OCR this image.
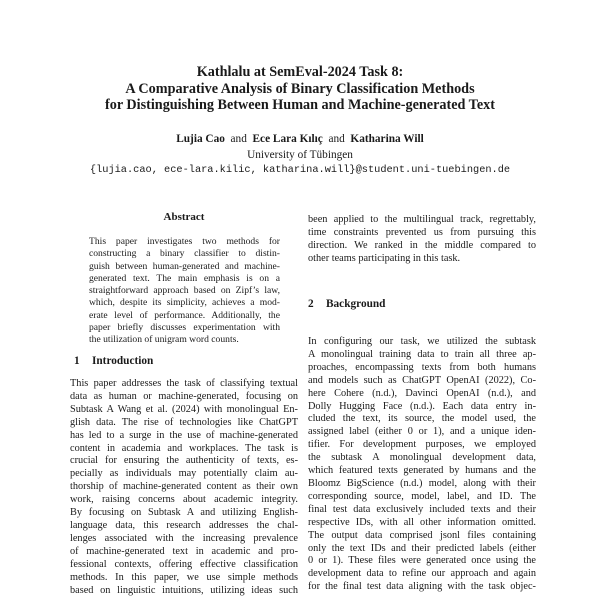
Kathlalu at SemEval-2024 Task 8:
A Comparative Analysis of Binary Classification Methods
for Distinguishing Between Human and Machine-generated Text
Lujia Cao and Ece Lara Kılıç and Katharina Will
University of Tübingen
{lujia.cao, ece-lara.kilic, katharina.will}@student.uni-tuebingen.de
Abstract
This paper investigates two methods for
constructing a binary classifier to distin-
guish between human-generated and machine-
generated text. The main emphasis is on a
straightforward approach based on Zipf’s law,
which, despite its simplicity, achieves a mod-
erate level of performance. Additionally, the
paper briefly discusses experimentation with
the utilization of unigram word counts.
1 Introduction
This paper addresses the task of classifying textual
data as human or machine-generated, focusing on
Subtask A Wang et al. (2024) with monolingual En-
glish data. The rise of technologies like ChatGPT
has led to a surge in the use of machine-generated
content in academia and workplaces. The task is
crucial for ensuring the authenticity of texts, es-
pecially as individuals may potentially claim au-
thorship of machine-generated content as their own
work, raising concerns about academic integrity.
By focusing on Subtask A and utilizing English-
language data, this research addresses the chal-
lenges associated with the increasing prevalence
of machine-generated text in academic and pro-
fessional contexts, offering effective classification
methods. In this paper, we use simple methods
based on linguistic intuitions, utilizing ideas such
been applied to the multilingual track, regrettably,
time constraints prevented us from pursuing this
direction. We ranked in the middle compared to
other teams participating in this task.
2 Background
In configuring our task, we utilized the subtask
A monolingual training data to train all three ap-
proaches, encompassing texts from both humans
and models such as ChatGPT OpenAI (2022), Co-
here Cohere (n.d.), Davinci OpenAI (n.d.), and
Dolly Hugging Face (n.d.). Each data entry in-
cluded the text, its source, the model used, the
assigned label (either 0 or 1), and a unique iden-
tifier. For development purposes, we employed
the subtask A monolingual development data,
which featured texts generated by humans and the
Bloomz BigScience (n.d.) model, along with their
corresponding source, model, label, and ID. The
final test data exclusively included texts and their
respective IDs, with all other information omitted.
The output data comprised jsonl files containing
only the text IDs and their predicted labels (either
0 or 1). These files were generated once using the
development data to refine our approach and again
for the final test data aligning with the task objec-
